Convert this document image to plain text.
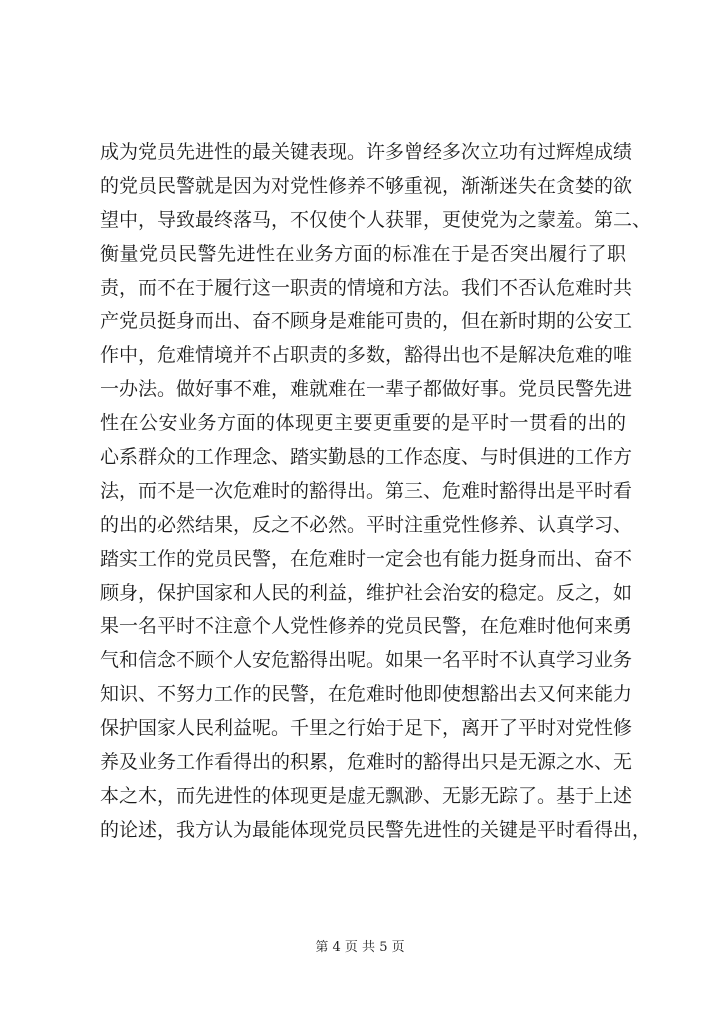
成为党员先进性的最关键表现。许多曾经多次立功有过辉煌成绩
的党员民警就是因为对党性修养不够重视，渐渐迷失在贪婪的欲
望中，导致最终落马，不仅使个人获罪，更使党为之蒙羞。第二、
衡量党员民警先进性在业务方面的标准在于是否突出履行了职
责，而不在于履行这一职责的情境和方法。我们不否认危难时共
产党员挺身而出、奋不顾身是难能可贵的，但在新时期的公安工
作中，危难情境并不占职责的多数，豁得出也不是解决危难的唯
一办法。做好事不难，难就难在一辈子都做好事。党员民警先进
性在公安业务方面的体现更主要更重要的是平时一贯看的出的
心系群众的工作理念、踏实勤恳的工作态度、与时俱进的工作方
法，而不是一次危难时的豁得出。第三、危难时豁得出是平时看
的出的必然结果，反之不必然。平时注重党性修养、认真学习、
踏实工作的党员民警，在危难时一定会也有能力挺身而出、奋不
顾身，保护国家和人民的利益，维护社会治安的稳定。反之，如
果一名平时不注意个人党性修养的党员民警，在危难时他何来勇
气和信念不顾个人安危豁得出呢。如果一名平时不认真学习业务
知识、不努力工作的民警，在危难时他即使想豁出去又何来能力
保护国家人民利益呢。千里之行始于足下，离开了平时对党性修
养及业务工作看得出的积累，危难时的豁得出只是无源之水、无
本之木，而先进性的体现更是虚无飘渺、无影无踪了。基于上述
的论述，我方认为最能体现党员民警先进性的关键是平时看得出，
第 4 页 共 5 页
